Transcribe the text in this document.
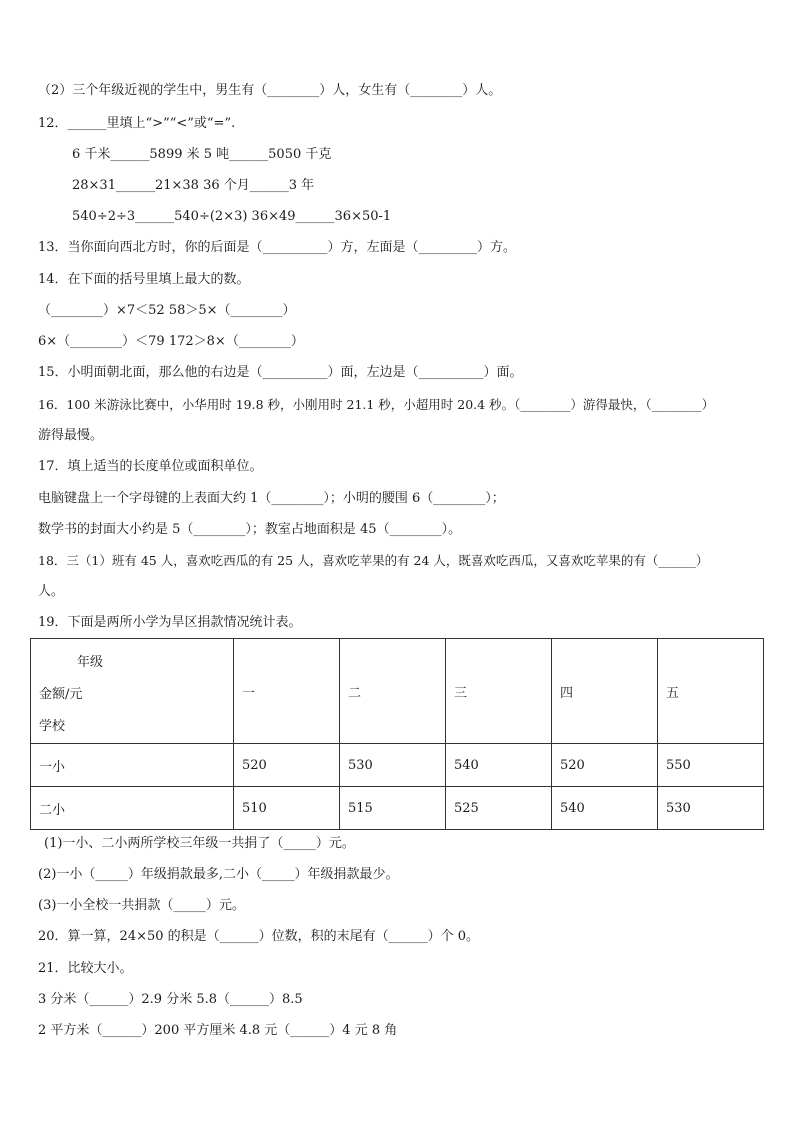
（2）三个年级近视的学生中，男生有（________）人，女生有（________）人。
12．______里填上“>”“<”或“=”.
6 千米______5899 米 5 吨______5050 千克
28×31______21×38 36 个月______3 年
540÷2÷3______540÷(2×3) 36×49______36×50-1
13．当你面向西北方时，你的后面是（__________）方，左面是（_________）方。
14．在下面的括号里填上最大的数。
（________）×7＜52 58＞5×（________）
6×（________）＜79 172＞8×（________）
15．小明面朝北面，那么他的右边是（__________）面，左边是（__________）面。
16．100 米游泳比赛中，小华用时 19.8 秒，小刚用时 21.1 秒，小超用时 20.4 秒。（________）游得最快，（________）
游得最慢。
17．填上适当的长度单位或面积单位。
电脑键盘上一个字母键的上表面大约 1（________）；小明的腰围 6（________）；
数学书的封面大小约是 5（________）；教室占地面积是 45（________）。
18．三（1）班有 45 人，喜欢吃西瓜的有 25 人，喜欢吃苹果的有 24 人，既喜欢吃西瓜，又喜欢吃苹果的有（______）
人。
19．下面是两所小学为旱区捐款情况统计表。
年级
金额/元
学校	一	二	三	四	五
一小	520	530	540	520	550
二小	510	515	525	540	530
(1)一小、二小两所学校三年级一共捐了（_____）元。
(2)一小（_____）年级捐款最多,二小（_____）年级捐款最少。
(3)一小全校一共捐款（_____）元。
20．算一算，24×50 的积是（______）位数，积的末尾有（______）个 0。
21．比较大小。
3 分米（______）2.9 分米 5.8（______）8.5
2 平方米（______）200 平方厘米 4.8 元（______）4 元 8 角
